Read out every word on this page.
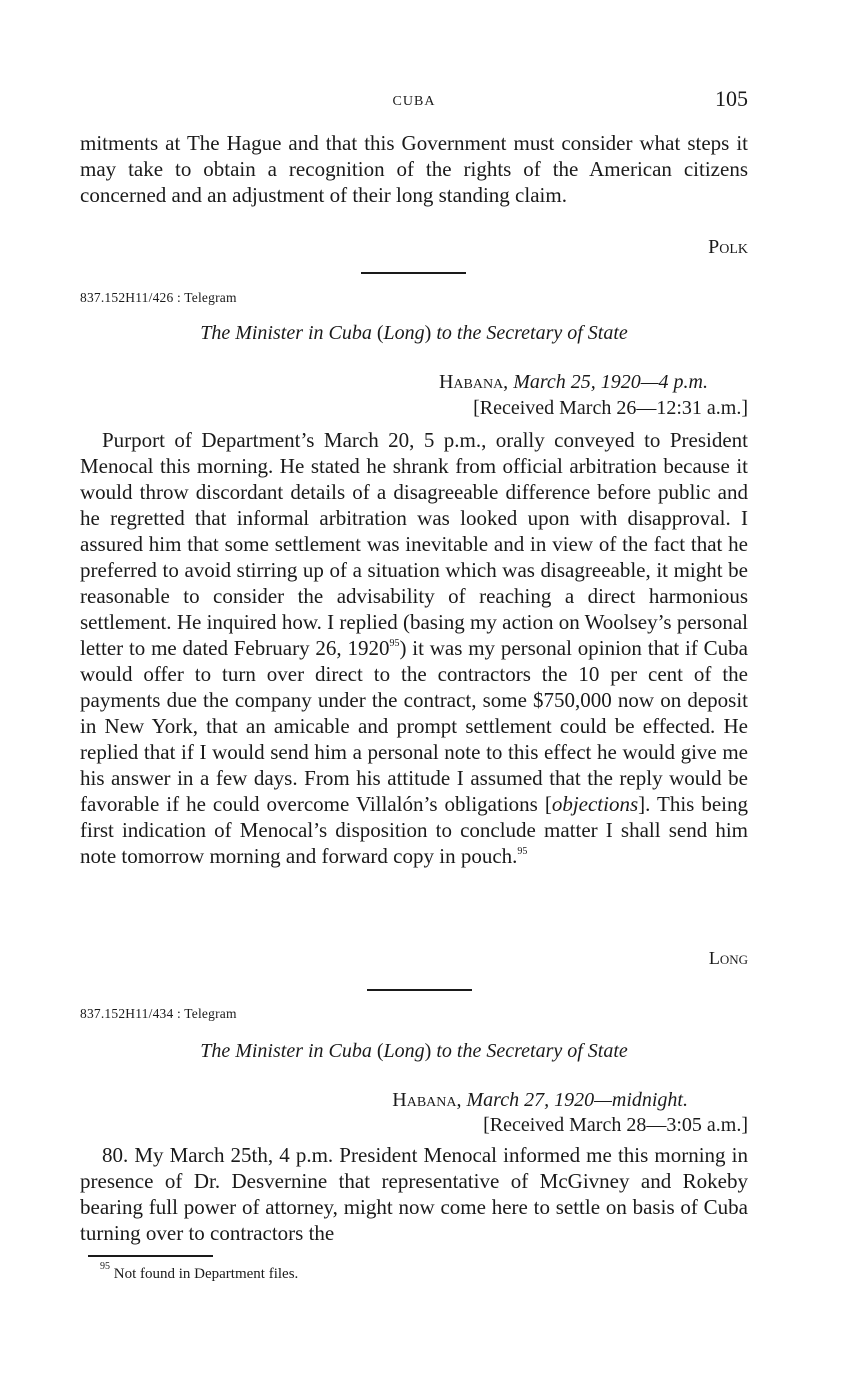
CUBA	105

mitments at The Hague and that this Government must consider what steps it may take to obtain a recognition of the rights of the American citizens concerned and an adjustment of their long standing claim.

Polk
837.152H11/426 : Telegram
The Minister in Cuba (Long) to the Secretary of State
Habana, March 25, 1920—4 p.m.
[Received March 26—12:31 a.m.]

Purport of Department’s March 20, 5 p.m., orally conveyed to President Menocal this morning. He stated he shrank from official arbitration because it would throw discordant details of a disagreeable difference before public and he regretted that informal arbitration was looked upon with disapproval. I assured him that some settlement was inevitable and in view of the fact that he preferred to avoid stirring up of a situation which was disagreeable, it might be reasonable to consider the advisability of reaching a direct harmonious settlement. He inquired how. I replied (basing my action on Woolsey’s personal letter to me dated February 26, 1920$^{95}$) it was my personal opinion that if Cuba would offer to turn over direct to the contractors the 10 per cent of the payments due the company under the contract, some $750,000 now on deposit in New York, that an amicable and prompt settlement could be effected. He replied that if I would send him a personal note to this effect he would give me his answer in a few days. From his attitude I assumed that the reply would be favorable if he could overcome Villalón’s obligations [objections]. This being first indication of Menocal’s disposition to conclude matter I shall send him note tomorrow morning and forward copy in pouch.$^{95}$

Long
837.152H11/434 : Telegram
The Minister in Cuba (Long) to the Secretary of State
Habana, March 27, 1920—midnight.
[Received March 28—3:05 a.m.]

80. My March 25th, 4 p.m. President Menocal informed me this morning in presence of Dr. Desvernine that representative of McGivney and Rokeby bearing full power of attorney, might now come here to settle on basis of Cuba turning over to contractors the

$^{95}$ Not found in Department files.
